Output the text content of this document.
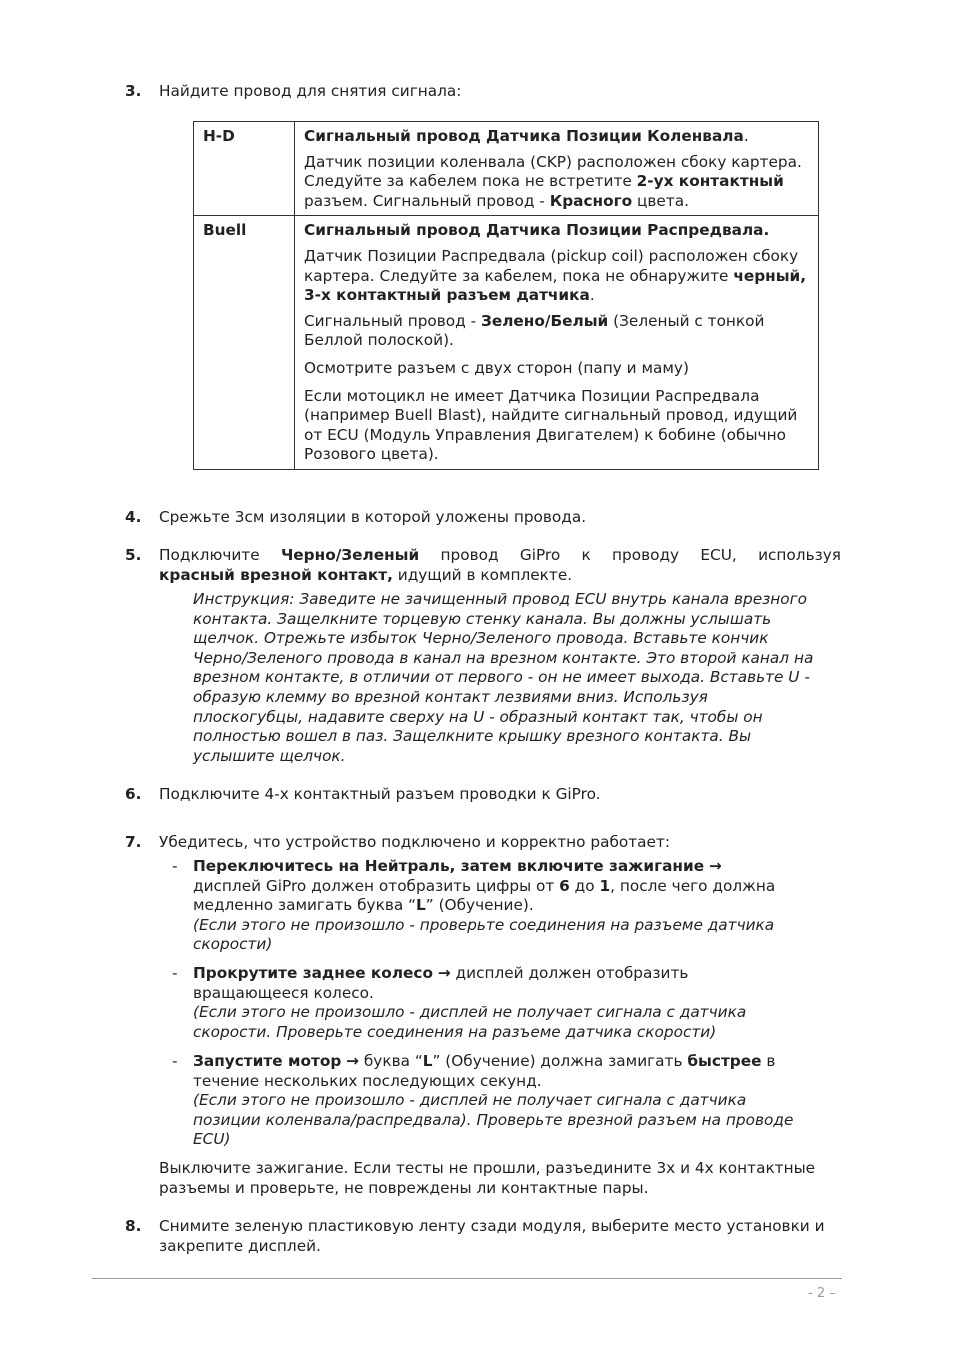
3. Найдите провод для снятия сигнала:
H-D	Сигнальный провод Датчика Позиции Коленвала.

Датчик позиции коленвала (CKP) расположен сбоку картера. Следуйте за кабелем пока не встретите 2-ух контактный разъем. Сигнальный провод - Красного цвета.

Buell	Сигнальный провод Датчика Позиции Распредвала.

Датчик Позиции Распредвала (pickup coil) расположен сбоку картера. Следуйте за кабелем, пока не обнаружите черный, 3-х контактный разъем датчика.

Сигнальный провод - Зелено/Белый (Зеленый с тонкой Беллой полоской).

Осмотрите разъем с двух сторон (папу и маму)

Если мотоцикл не имеет Датчика Позиции Распредвала (например Buell Blast), найдите сигнальный провод, идущий от ECU (Модуль Управления Двигателем) к бобине (обычно Розового цвета).

4. Срежьте 3см изоляции в которой уложены провода.
5. Подключите Черно/Зеленый провод GiPro к проводу ECU, используя
красный врезной контакт, идущий в комплекте.
Инструкция: Заведите не зачищенный провод ECU внутрь канала врезного контакта. Защелкните торцевую стенку канала. Вы должны услышать щелчок. Отрежьте избыток Черно/Зеленого провода. Вставьте кончик Черно/Зеленого провода в канал на врезном контакте. Это второй канал на врезном контакте, в отличии от первого - он не имеет выхода. Вставьте U - образую клемму во врезной контакт лезвиями вниз. Используя плоскогубцы, надавите сверху на U - образный контакт так, чтобы он полностью вошел в паз. Защелкните крышку врезного контакта. Вы услышите щелчок.
6. Подключите 4-х контактный разъем проводки к GiPro.
7. Убедитесь, что устройство подключено и корректно работает:
- Переключитесь на Нейтраль, затем включите зажигание →
дисплей GiPro должен отобразить цифры от 6 до 1, после чего должна медленно замигать буква “L” (Обучение).
(Если этого не произошло - проверьте соединения на разъеме датчика скорости)
- Прокрутите заднее колесо → дисплей должен отобразить вращающееся колесо.
(Если этого не произошло - дисплей не получает сигнала с датчика скорости. Проверьте соединения на разъеме датчика скорости)
- Запустите мотор → буква “L” (Обучение) должна замигать быстрее в течение нескольких последующих секунд.
(Если этого не произошло - дисплей не получает сигнала с датчика позиции коленвала/распредвала). Проверьте врезной разъем на проводе ECU)
Выключите зажигание. Если тесты не прошли, разъедините 3х и 4х контактные разъемы и проверьте, не повреждены ли контактные пары.
8. Снимите зеленую пластиковую ленту сзади модуля, выберите место установки и закрепите дисплей.
- 2 –
